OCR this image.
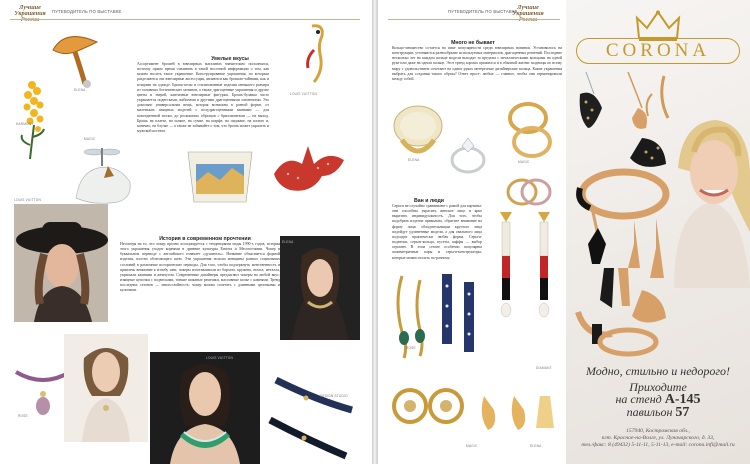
Лучшие Украшения	ПУТЕВОДИТЕЛЬ ПО ВЫСТАВКЕ
ELENA
HARMONY
MAGIC
Умелые вкусы
Ассортимент брошей в ювелирных магазинах значительно пополнился, поэтому прямо время осваивать в такой носочной информации о том, как можно носить такое украшение. Конструирование украшения, по которым разделяются эти ювелирные аксессуары, являются как брошью-тайнами, как и птицами на одежде. Брошь-иглы и стилизованные изделия меньшего размера из основных ботанических мотивов, а также драгоценные украшения и другие цветы и зверей, кантичные ювелирные фигурки. Брошь-булавка часто украшается подвесками, жабонами и другими драгоценными элементами. Это довольно универсальная вещь, которая возможна в разной форме, от маленьких изящных моделей с полудрагоценными камнями — для повседневной носки, до роскошных образцов с бриллиантами — на выход. Брошь на платье, на шляпе, на сумке, на шарфе, на пиджаке, на пальто и, конечно, на блузке — а также не забывайте о том, что брошь может украсить и мужской костюм.
LOUIS VUITTON
LOUIS VUITTON
История в современном прочтении
Несмотря на то, что чокер прочно ассоциируется с тенденциями моды 1990-х годов, история этого украшения уходит корнями в древние культуры Египта и Месопотамии. Чокер в буквальном переводе с английского означает «душитель». Название объясняется формой изделия, плотно облегающего шею. Эти украшения носили женщины разных социальных сословий в различные исторические периоды. Для того, чтобы подчеркнуть женственность и привлечь внимание к изгибу шеи, чокеры изготавливали из бархата, кружева, атласа, металла, украшали камнями и жемчугом. Современные дизайнеры предлагают чокеры на любой вкус: изящные цепочки с подвесками, тонкие кожаные ремешки, массивные колье с камнями. Тренд последних сезонов — многослойность: чокер можно сочетать с длинными цепочками и кулонами.
ELENA
ROSE
LOUIS VUITTON
DESIGN STUDIO
ПУТЕВОДИТЕЛЬ ПО ВЫСТАВКЕ
Лучшие Украшения
Много не бывает
Кольцо-множество остается на пике популярности среди ювелирных новинок. Установилось на конструкции, уточняются разнообразие используемых материалов, драгоценных решений. Последние несколько лет на каждом пальце модели выходят за пределы с металлическими кольцами на одной руке или даже на одном пальце. Этот тренд хорошо прижился и в обычной жизни: модницы по всему миру с удовольствием сочетают на одних руках интересные дизайнерские кольца. Какие украшения выбрать для создания такого образа? Ответ прост: любые — главное, чтобы они гармонировали между собой.
ELENA	MAGIC
Ван и люди
Серьги не случайно сравнивают с рамой для картины: они способны украсить женское лицо и ярко выразить индивидуальность. Для того, чтобы подобрать изделие правильно, обратите внимание на форму лица: обладательницам круглого лица подойдут удлиненные модели, а для овального лица подходит практически любая форма. Серьги-подвески, серьги-кольца, пусеты, каффы — выбор огромен. В этом сезоне особенно популярны асимметричные пары и серьги-конструкторы, которые можно носить по-разному.
DIAMANT
ROSE
MAGIC	ELENA
CORONA
Модно, стильно и недорого!
Приходите

на стенд А-145
павильон 57
157940, Костромская обл.,
пгт. Красное-на-Волге, ул. Луначарского, д. 33,
тел./факс: 8 (49432) 5-11-11, 5-11-13, e-mail: corona.infi@mail.ru
